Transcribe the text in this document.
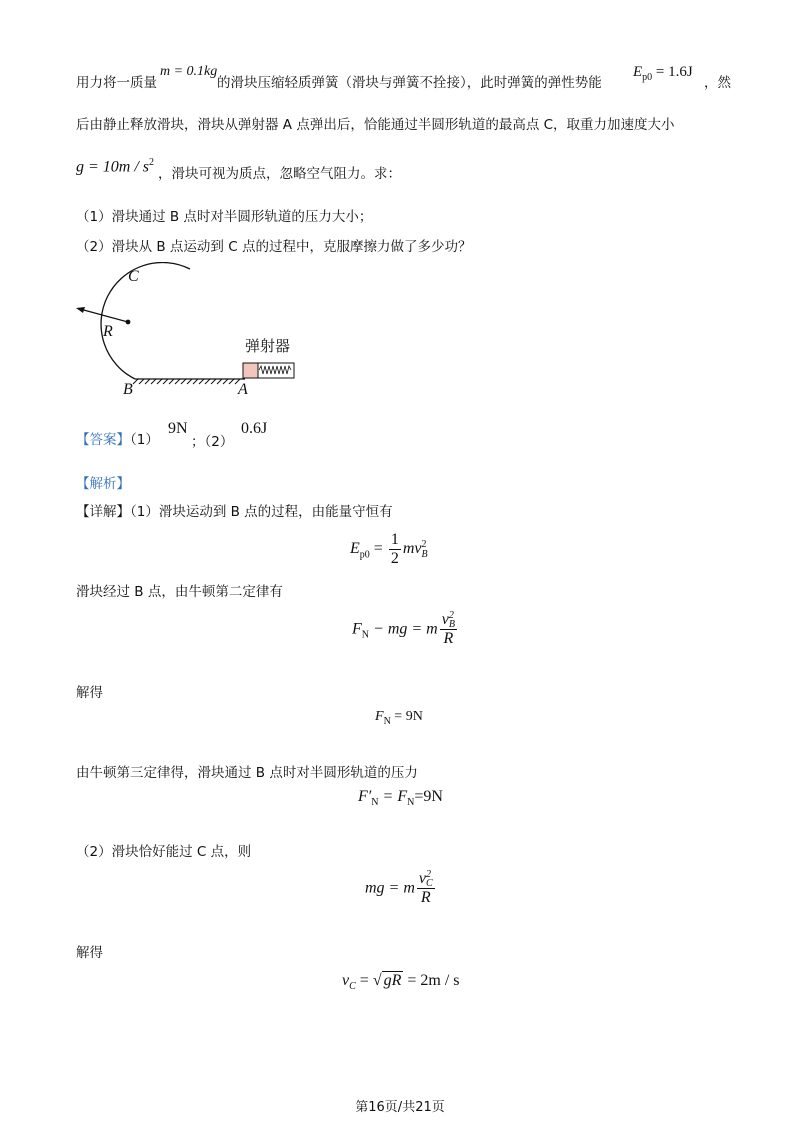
用力将一质量
m = 0.1kg
的滑块压缩轻质弹簧（滑块与弹簧不拴接），此时弹簧的弹性势能
$E_{p0} = 1.6J$
，然
后由静止释放滑块，滑块从弹射器 A 点弹出后，恰能通过半圆形轨道的最高点 C，取重力加速度大小
$g = 10m / s^2$
，滑块可视为质点，忽略空气阻力。求：
（1）滑块通过 B 点时对半圆形轨道的压力大小；
（2）滑块从 B 点运动到 C 点的过程中，克服摩擦力做了多少功？
C
R
B	A
弹射器
【答案】（1）
9N
；（2）
0.6J
【解析】
【详解】（1）滑块运动到 B 点的过程，由能量守恒有
$E_{p0} = \frac{1}{2}$ mv 2
B
滑块经过 B 点，由牛顿第二定律有
$F_N$ − mg = m v 2
B
R
解得
$F_N = 9N$
由牛顿第三定律得，滑块通过 B 点时对半圆形轨道的压力
$F'_N = F_N=9N$
（2）滑块恰好能过 C 点，则
mg = m v 2
C
R
解得
$v_C$ = √ gR = 2m / s
第16页/共21页
